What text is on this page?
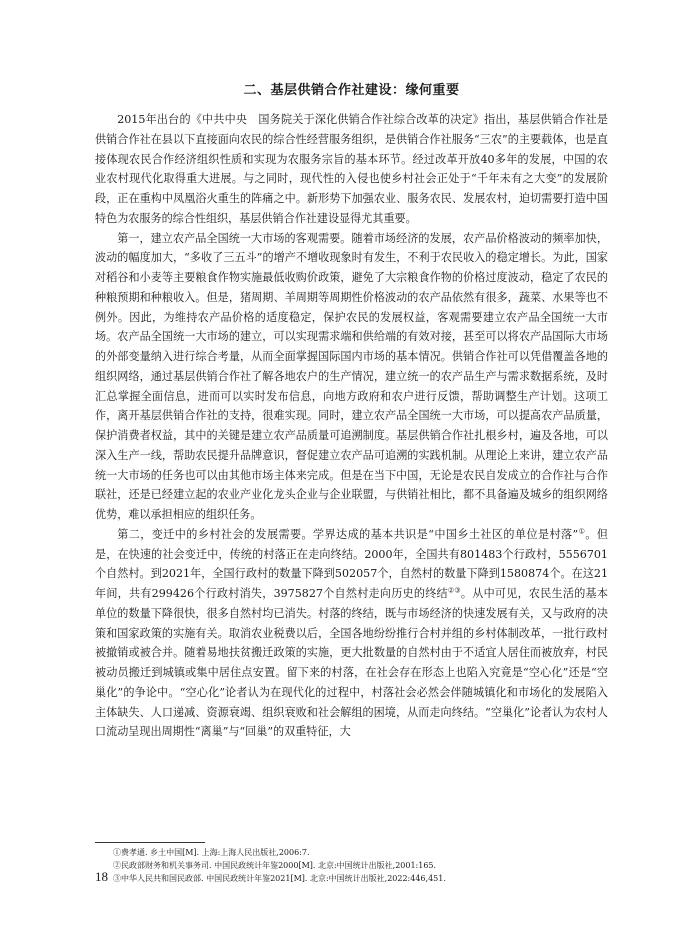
二、基层供销合作社建设：缘何重要

2015年出台的《中共中央　国务院关于深化供销合作社综合改革的决定》指出，基层供销合作社是供销合作社在县以下直接面向农民的综合性经营服务组织，是供销合作社服务“三农”的主要载体，也是直接体现农民合作经济组织性质和实现为农服务宗旨的基本环节。经过改革开放40多年的发展，中国的农业农村现代化取得重大进展。与之同时，现代性的入侵也使乡村社会正处于“千年未有之大变”的发展阶段，正在重构中凤凰浴火重生的阵痛之中。新形势下加强农业、服务农民、发展农村，迫切需要打造中国特色为农服务的综合性组织，基层供销合作社建设显得尤其重要。

第一，建立农产品全国统一大市场的客观需要。随着市场经济的发展，农产品价格波动的频率加快，波动的幅度加大，“多收了三五斗”的增产不增收现象时有发生，不利于农民收入的稳定增长。为此，国家对稻谷和小麦等主要粮食作物实施最低收购价政策，避免了大宗粮食作物的价格过度波动，稳定了农民的种粮预期和种粮收入。但是，猪周期、羊周期等周期性价格波动的农产品依然有很多，蔬菜、水果等也不例外。因此，为维持农产品价格的适度稳定，保护农民的发展权益，客观需要建立农产品全国统一大市场。农产品全国统一大市场的建立，可以实现需求端和供给端的有效对接，甚至可以将农产品国际大市场的外部变量纳入进行综合考量，从而全面掌握国际国内市场的基本情况。供销合作社可以凭借覆盖各地的组织网络，通过基层供销合作社了解各地农户的生产情况，建立统一的农产品生产与需求数据系统，及时汇总掌握全面信息，进而可以实时发布信息，向地方政府和农户进行反馈，帮助调整生产计划。这项工作，离开基层供销合作社的支持，很难实现。同时，建立农产品全国统一大市场，可以提高农产品质量，保护消费者权益，其中的关键是建立农产品质量可追溯制度。基层供销合作社扎根乡村，遍及各地，可以深入生产一线，帮助农民提升品牌意识，督促建立农产品可追溯的实践机制。从理论上来讲，建立农产品统一大市场的任务也可以由其他市场主体来完成。但是在当下中国，无论是农民自发成立的合作社与合作联社，还是已经建立起的农业产业化龙头企业与企业联盟，与供销社相比，都不具备遍及城乡的组织网络优势，难以承担相应的组织任务。

第二，变迁中的乡村社会的发展需要。学界达成的基本共识是“中国乡土社区的单位是村落”①。但是，在快速的社会变迁中，传统的村落正在走向终结。2000年，全国共有801483个行政村，5556701个自然村。到2021年，全国行政村的数量下降到502057个，自然村的数量下降到1580874个。在这21年间，共有299426个行政村消失，3975827个自然村走向历史的终结②③。从中可见，农民生活的基本单位的数量下降很快，很多自然村均已消失。村落的终结，既与市场经济的快速发展有关，又与政府的决策和国家政策的实施有关。取消农业税费以后，全国各地纷纷推行合村并组的乡村体制改革，一批行政村被撤销或被合并。随着易地扶贫搬迁政策的实施，更大批数量的自然村由于不适宜人居住而被放弃，村民被动员搬迁到城镇或集中居住点安置。留下来的村落，在社会存在形态上也陷入究竟是“空心化”还是“空巢化”的争论中。“空心化”论者认为在现代化的过程中，村落社会必然会伴随城镇化和市场化的发展陷入主体缺失、人口递减、资源衰竭、组织衰败和社会解组的困境，从而走向终结。“空巢化”论者认为农村人口流动呈现出周期性“离巢”与“回巢”的双重特征，大

①费孝通. 乡土中国[M]. 上海:上海人民出版社,2006:7.

②民政部财务和机关事务司. 中国民政统计年鉴2000[M]. 北京:中国统计出版社,2001:165.

③中华人民共和国民政部. 中国民政统计年鉴2021[M]. 北京:中国统计出版社,2022:446,451.

18
